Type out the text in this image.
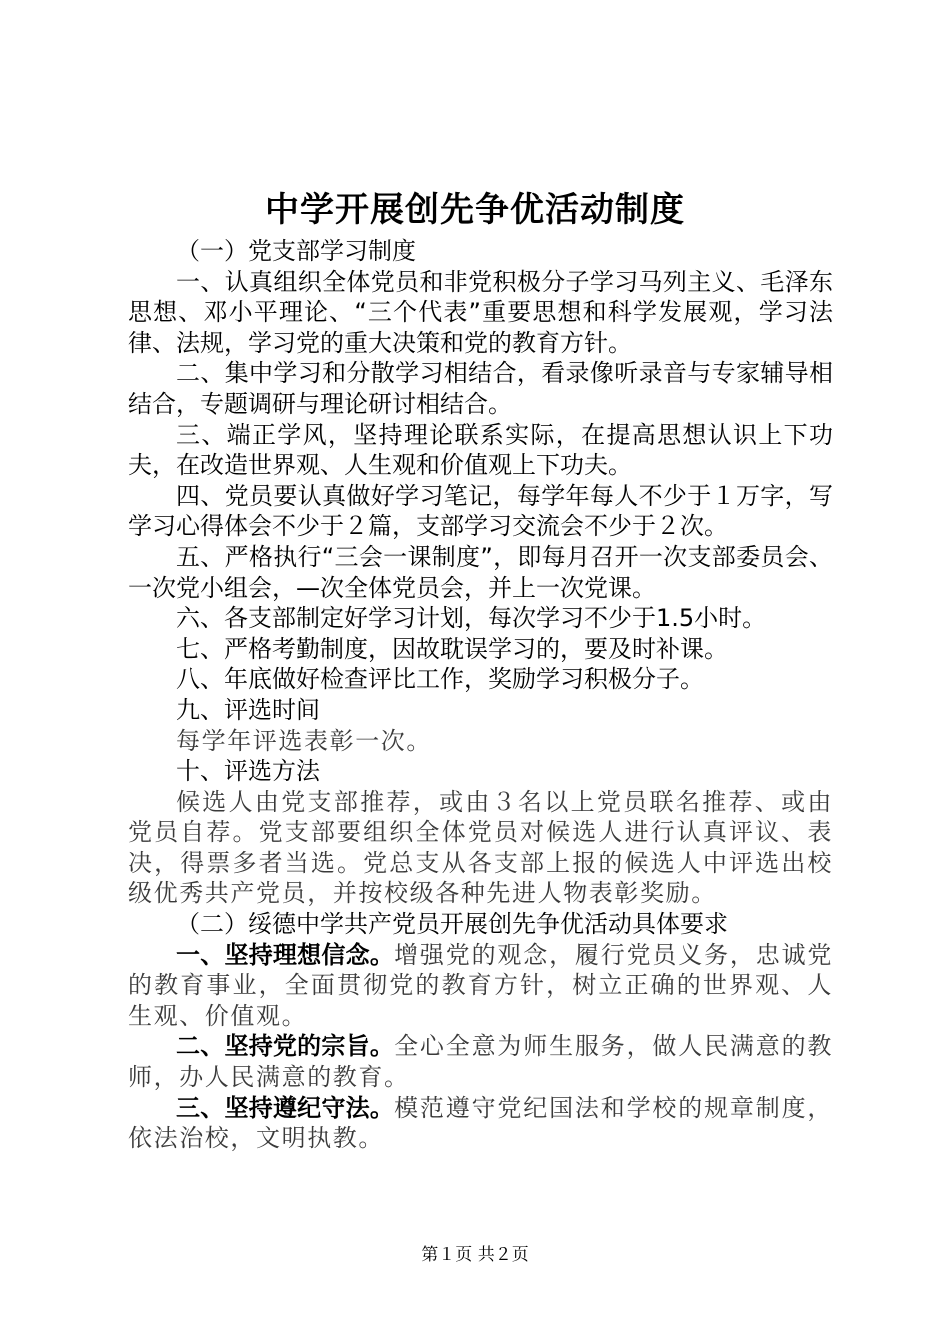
中学开展创先争优活动制度

（一）党支部学习制度

一、认真组织全体党员和非党积极分子学习马列主义、毛泽东思想、邓小平理论、“三个代表”重要思想和科学发展观，学习法律、法规，学习党的重大决策和党的教育方针。

二、集中学习和分散学习相结合，看录像听录音与专家辅导相结合，专题调研与理论研讨相结合。

三、端正学风，坚持理论联系实际，在提高思想认识上下功夫，在改造世界观、人生观和价值观上下功夫。

四、党员要认真做好学习笔记，每学年每人不少于１万字，写学习心得体会不少于２篇，支部学习交流会不少于２次。

五、严格执行“三会一课制度”，即每月召开一次支部委员会、一次党小组会，—次全体党员会，并上一次党课。

六、各支部制定好学习计划，每次学习不少于1.5小时。

七、严格考勤制度，因故耽误学习的，要及时补课。

八、年底做好检查评比工作，奖励学习积极分子。

九、评选时间

每学年评选表彰一次。

十、评选方法

候选人由党支部推荐，或由３名以上党员联名推荐、或由党员自荐。党支部要组织全体党员对候选人进行认真评议、表决，得票多者当选。党总支从各支部上报的候选人中评选出校级优秀共产党员，并按校级各种先进人物表彰奖励。

（二）绥德中学共产党员开展创先争优活动具体要求

一、坚持理想信念。增强党的观念，履行党员义务，忠诚党的教育事业，全面贯彻党的教育方针，树立正确的世界观、人生观、价值观。

二、坚持党的宗旨。全心全意为师生服务，做人民满意的教师，办人民满意的教育。

三、坚持遵纪守法。模范遵守党纪国法和学校的规章制度，依法治校，文明执教。

第１页 共２页
